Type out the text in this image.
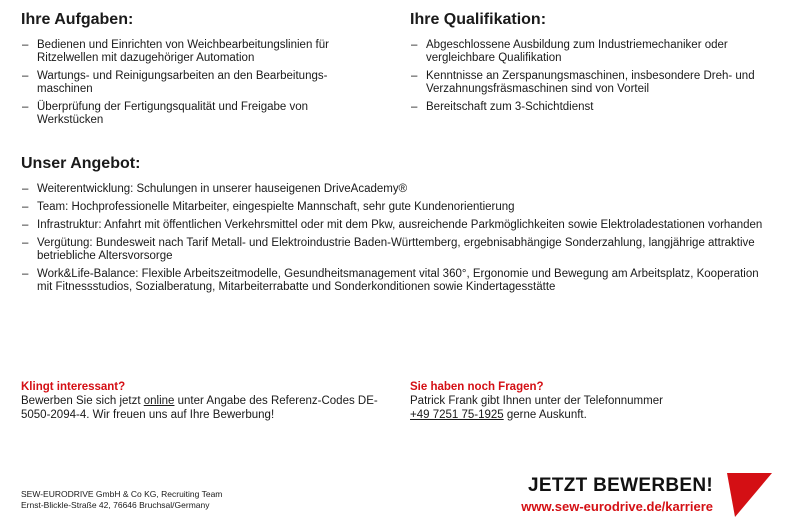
Ihre Aufgaben:
– Bedienen und Einrichten von Weichbearbeitungslinien für Ritzelwellen mit dazugehöriger Automation
– Wartungs- und Reinigungsarbeiten an den Bearbeitungs-maschinen
– Überprüfung der Fertigungsqualität und Freigabe von Werkstücken
Ihre Qualifikation:
– Abgeschlossene Ausbildung zum Industriemechaniker oder vergleichbare Qualifikation
– Kenntnisse an Zerspanungsmaschinen, insbesondere Dreh- und Verzahnungsfräsmaschinen sind von Vorteil
– Bereitschaft zum 3-Schichtdienst
Unser Angebot:
– Weiterentwicklung: Schulungen in unserer hauseigenen DriveAcademy®
– Team: Hochprofessionelle Mitarbeiter, eingespielte Mannschaft, sehr gute Kundenorientierung
– Infrastruktur: Anfahrt mit öffentlichen Verkehrsmittel oder mit dem Pkw, ausreichende Parkmöglichkeiten sowie Elektroladestationen vorhanden
– Vergütung: Bundesweit nach Tarif Metall- und Elektroindustrie Baden-Württemberg, ergebnisabhängige Sonderzahlung, langjährige attraktive betriebliche Altersvorsorge
– Work&Life-Balance: Flexible Arbeitszeitmodelle, Gesundheitsmanagement vital 360°, Ergonomie und Bewegung am Arbeitsplatz, Kooperation mit Fitnessstudios, Sozialberatung, Mitarbeiterrabatte und Sonderkonditionen sowie Kindertagesstätte

Klingt interessant?

Bewerben Sie sich jetzt online unter Angabe des Referenz-Codes DE-5050-2094-4. Wir freuen uns auf Ihre Bewerbung!

Sie haben noch Fragen?

Patrick Frank gibt Ihnen unter der Telefonnummer

+49 7251 75-1925 gerne Auskunft.

SEW-EURODRIVE GmbH & Co KG, Recruiting Team
Ernst-Blickle-Straße 42, 76646 Bruchsal/Germany
JETZT BEWERBEN!
www.sew-eurodrive.de/karriere
